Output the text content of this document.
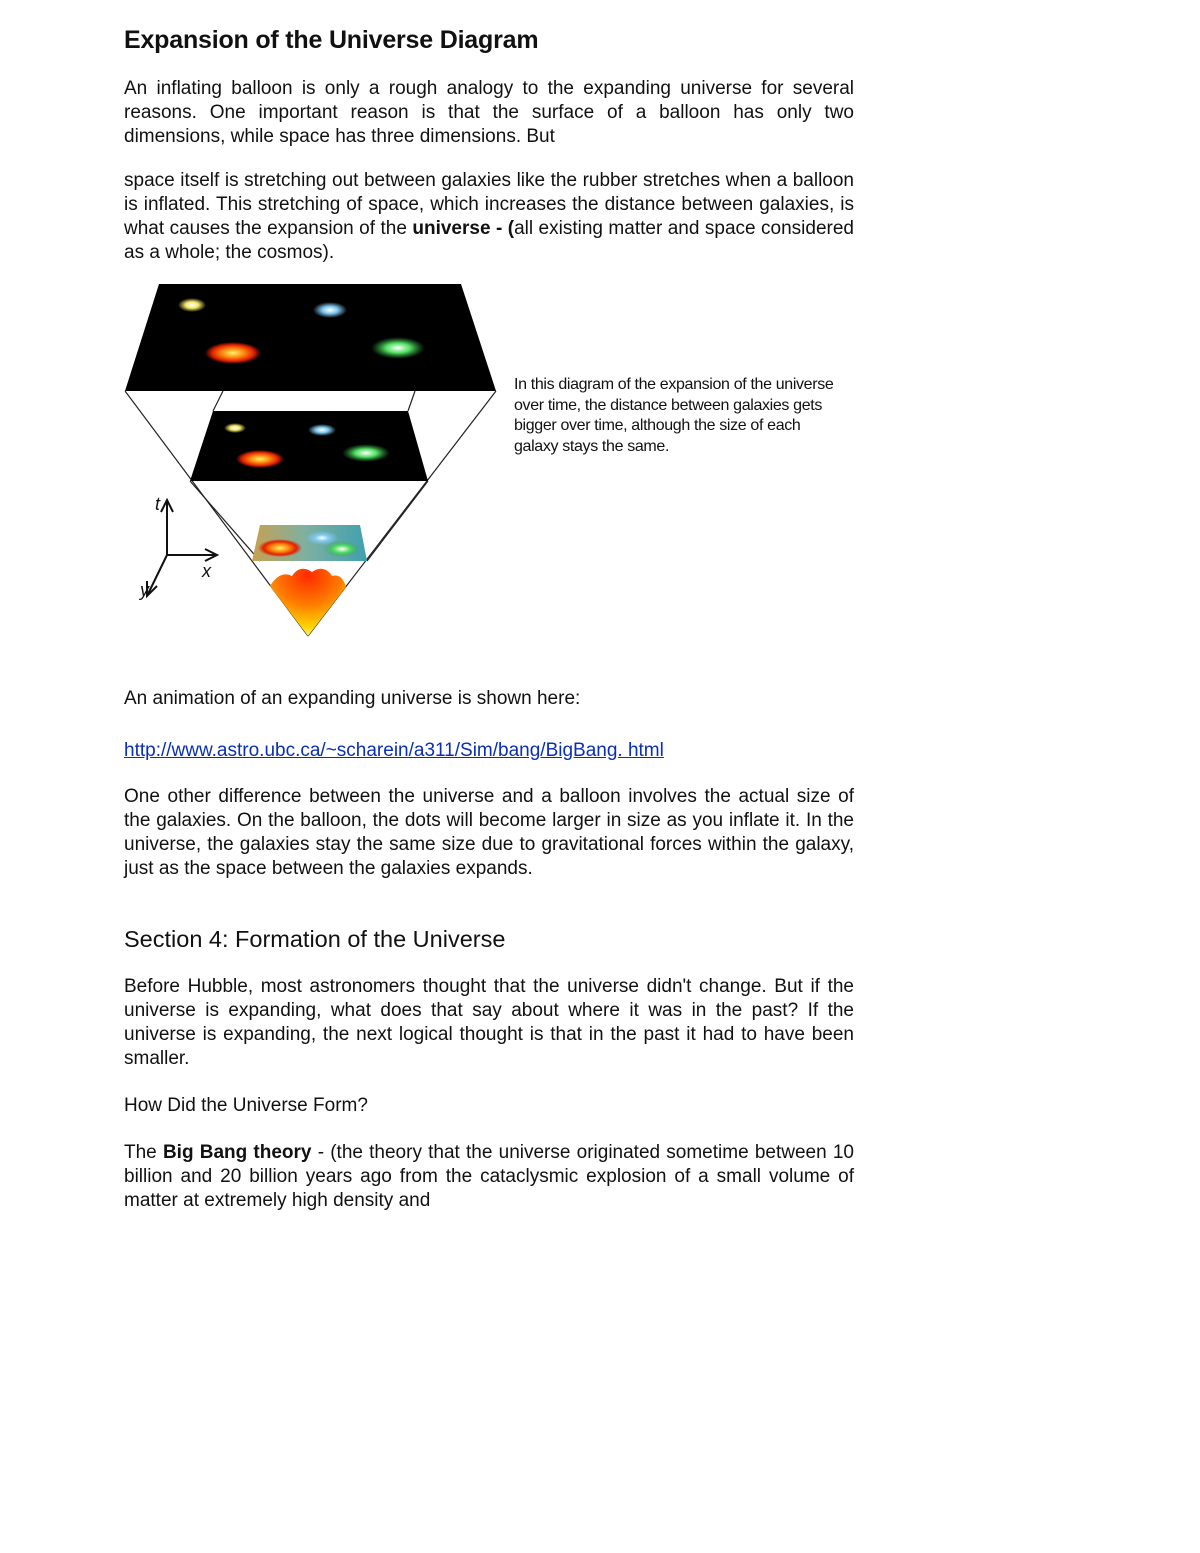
Expansion of the Universe Diagram

An inflating balloon is only a rough analogy to the expanding universe for several reasons. One important reason is that the surface of a balloon has only two dimensions, while space has three dimensions. But

space itself is stretching out between galaxies like the rubber stretches when a balloon is inflated. This stretching of space, which increases the distance between galaxies, is what causes the expansion of the universe - (all existing matter and space considered as a whole; the cosmos).

t
x
y

In this diagram of the expansion of the universe over time, the distance between galaxies gets bigger over time, although the size of each galaxy stays the same.

An animation of an expanding universe is shown here:

http://www.astro.ubc.ca/~scharein/a311/Sim/bang/BigBang. html

One other difference between the universe and a balloon involves the actual size of the galaxies. On the balloon, the dots will become larger in size as you inflate it. In the universe, the galaxies stay the same size due to gravitational forces within the galaxy, just as the space between the galaxies expands.

Section 4: Formation of the Universe

Before Hubble, most astronomers thought that the universe didn't change. But if the universe is expanding, what does that say about where it was in the past? If the universe is expanding, the next logical thought is that in the past it had to have been smaller.

How Did the Universe Form?

The Big Bang theory - (the theory that the universe originated sometime between 10 billion and 20 billion years ago from the cataclysmic explosion of a small volume of matter at extremely high density and
